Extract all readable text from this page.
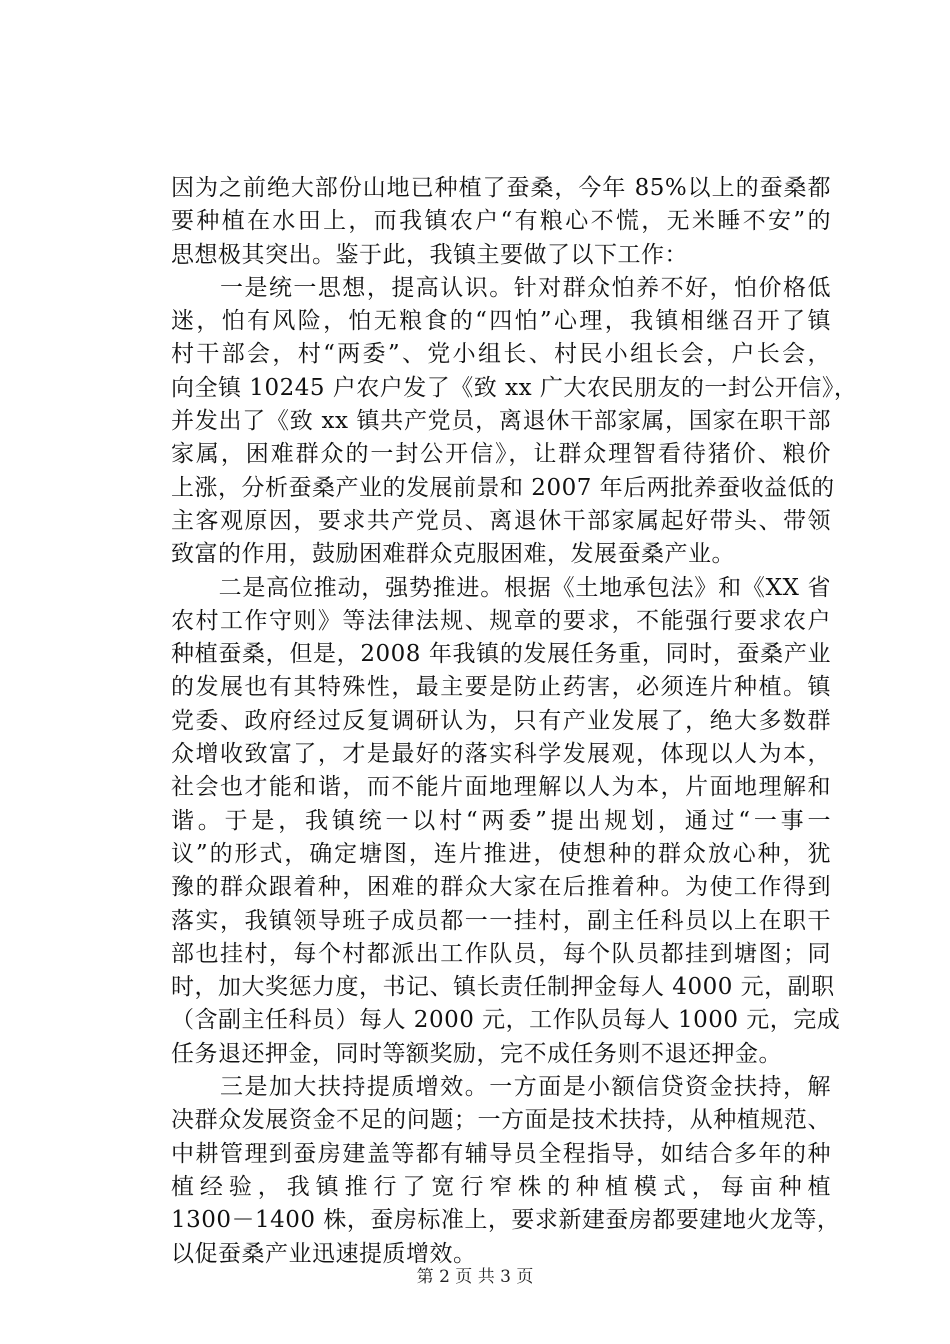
因为之前绝大部份山地已种植了蚕桑，今年 85%以上的蚕桑都
要种植在水田上，而我镇农户“有粮心不慌，无米睡不安”的
思想极其突出。鉴于此，我镇主要做了以下工作：
　　一是统一思想，提高认识。针对群众怕养不好，怕价格低
迷，怕有风险，怕无粮食的“四怕”心理，我镇相继召开了镇
村干部会，村“两委”、党小组长、村民小组长会，户长会，
向全镇 10245 户农户发了《致 xx 广大农民朋友的一封公开信》，
并发出了《致 xx 镇共产党员，离退休干部家属，国家在职干部
家属，困难群众的一封公开信》，让群众理智看待猪价、粮价
上涨，分析蚕桑产业的发展前景和 2007 年后两批养蚕收益低的
主客观原因，要求共产党员、离退休干部家属起好带头、带领
致富的作用，鼓励困难群众克服困难，发展蚕桑产业。
　　二是高位推动，强势推进。根据《土地承包法》和《XX 省
农村工作守则》等法律法规、规章的要求，不能强行要求农户
种植蚕桑，但是，2008 年我镇的发展任务重，同时，蚕桑产业
的发展也有其特殊性，最主要是防止药害，必须连片种植。镇
党委、政府经过反复调研认为，只有产业发展了，绝大多数群
众增收致富了，才是最好的落实科学发展观，体现以人为本，
社会也才能和谐，而不能片面地理解以人为本，片面地理解和
谐。于是，我镇统一以村“两委”提出规划，通过“一事一
议”的形式，确定塘图，连片推进，使想种的群众放心种，犹
豫的群众跟着种，困难的群众大家在后推着种。为使工作得到
落实，我镇领导班子成员都一一挂村，副主任科员以上在职干
部也挂村，每个村都派出工作队员，每个队员都挂到塘图；同
时，加大奖惩力度，书记、镇长责任制押金每人 4000 元，副职
（含副主任科员）每人 2000 元，工作队员每人 1000 元，完成
任务退还押金，同时等额奖励，完不成任务则不退还押金。
　　三是加大扶持提质增效。一方面是小额信贷资金扶持，解
决群众发展资金不足的问题；一方面是技术扶持，从种植规范、
中耕管理到蚕房建盖等都有辅导员全程指导，如结合多年的种
植经验，我镇推行了宽行窄株的种植模式，每亩种植
1300－1400 株，蚕房标准上，要求新建蚕房都要建地火龙等，
以促蚕桑产业迅速提质增效。
第 2 页 共 3 页
